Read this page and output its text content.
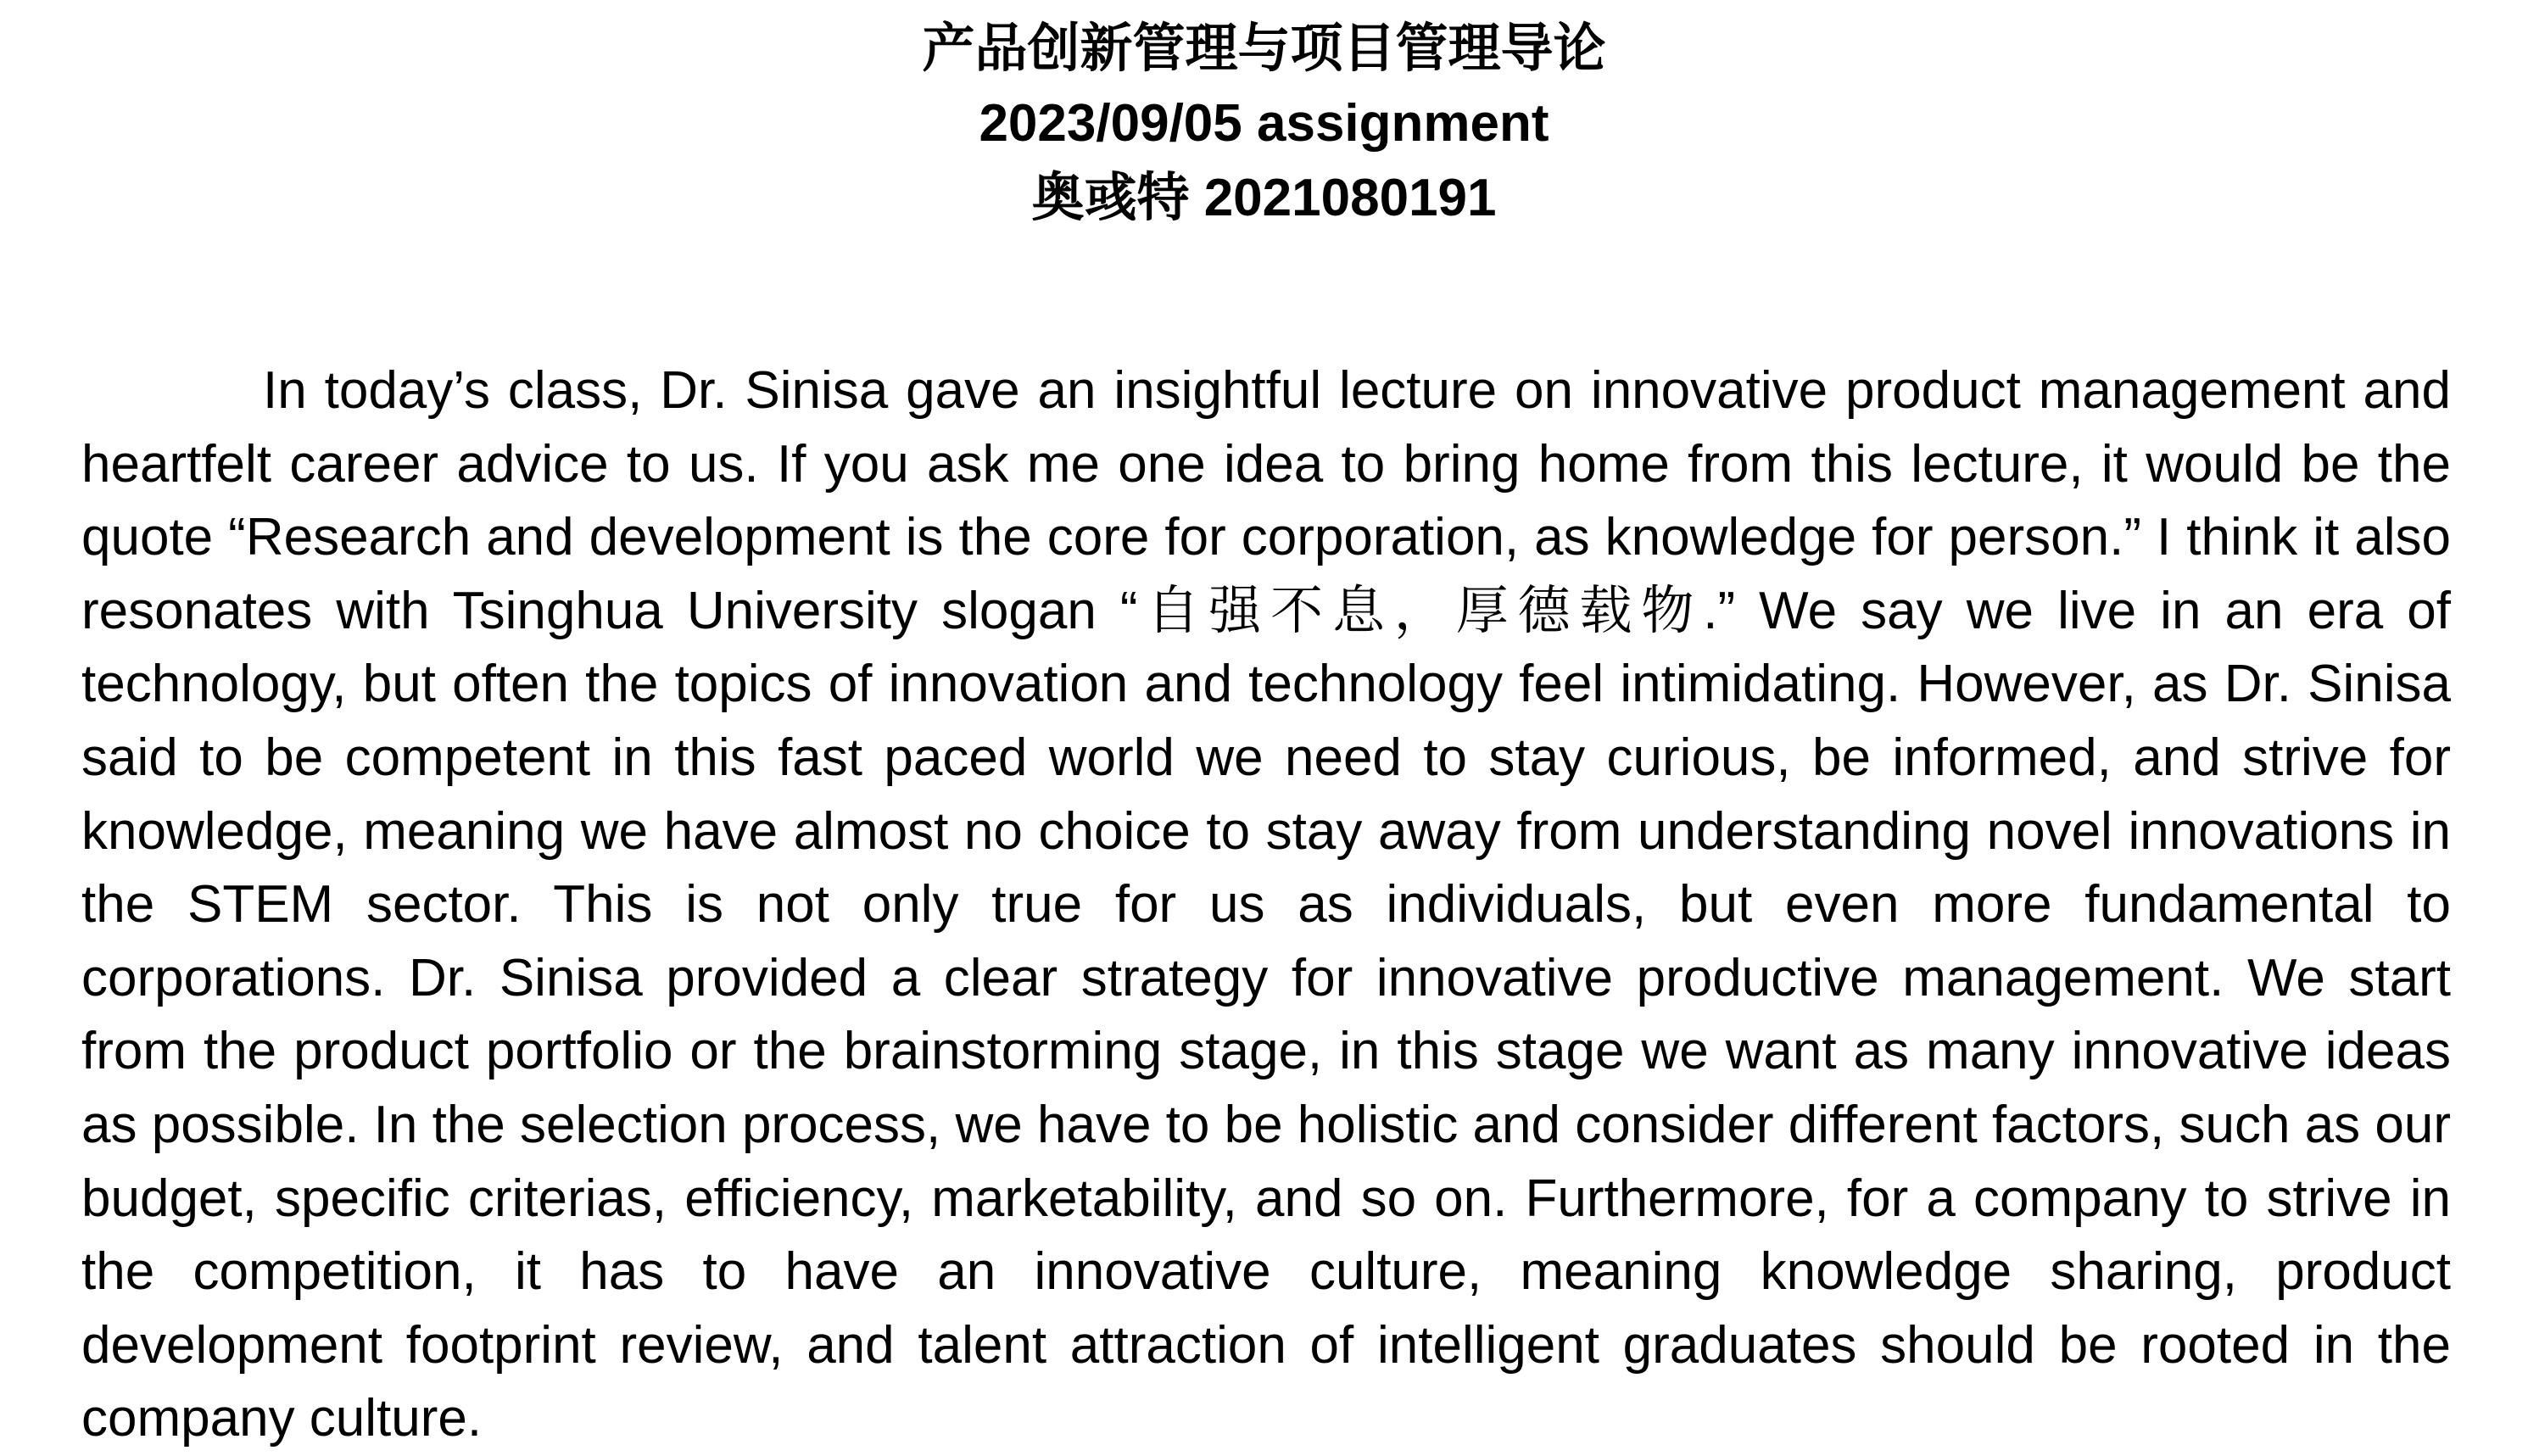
产品创新管理与项目管理导论
2023/09/05 assignment
奥彧特 2021080191

In today’s class, Dr. Sinisa gave an insightful lecture on innovative product management and heartfelt career advice to us. If you ask me one idea to bring home from this lecture, it would be the quote “Research and development is the core for corporation, as knowledge for person.” I think it also resonates with Tsinghua University slogan “自强不息，厚德载物.” We say we live in an era of technology, but often the topics of innovation and technology feel intimidating. However, as Dr. Sinisa said to be competent in this fast paced world we need to stay curious, be informed, and strive for knowledge, meaning we have almost no choice to stay away from understanding novel innovations in the STEM sector. This is not only true for us as individuals, but even more fundamental to corporations. Dr. Sinisa provided a clear strategy for innovative productive management. We start from the product portfolio or the brainstorming stage, in this stage we want as many innovative ideas as possible. In the selection process, we have to be holistic and consider different factors, such as our budget, specific criterias, efficiency, marketability, and so on. Furthermore, for a company to strive in the competition, it has to have an innovative culture, meaning knowledge sharing, product development footprint review, and talent attraction of intelligent graduates should be rooted in the company culture.
